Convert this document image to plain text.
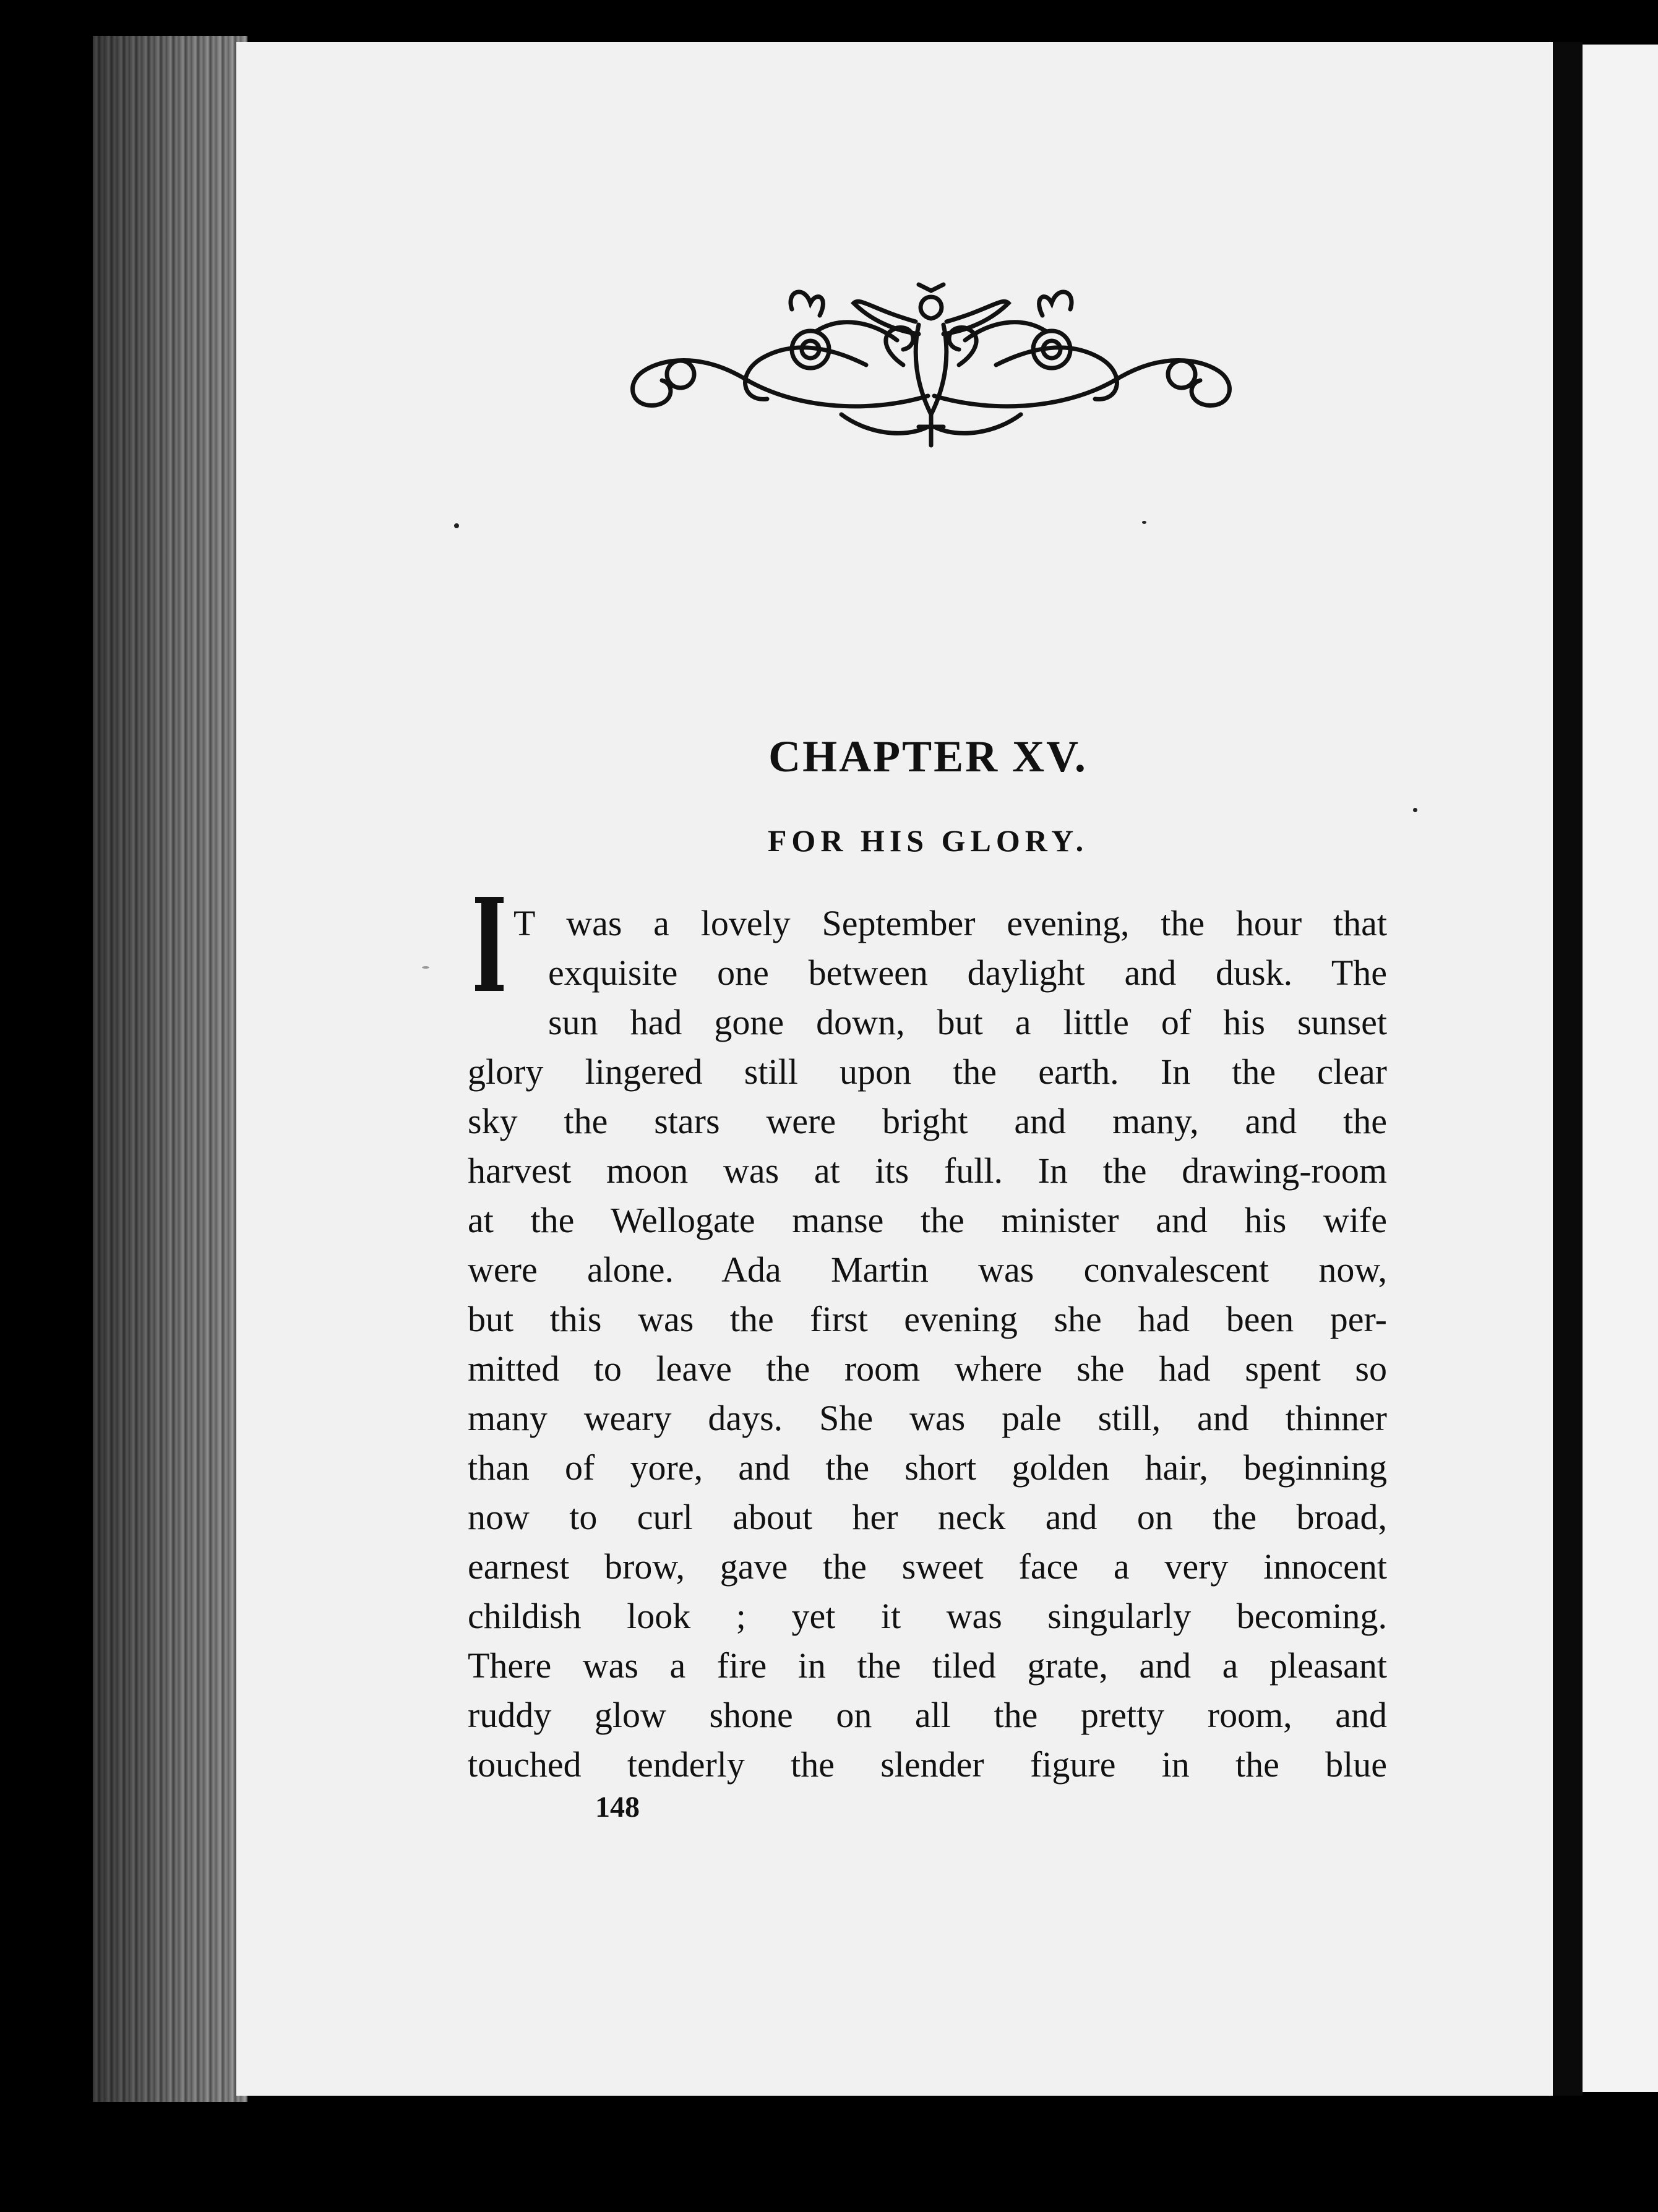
CHAPTER XV.
FOR HIS GLORY.
T was a lovely September evening, the hour that
exquisite one between daylight and dusk. The
sun had gone down, but a little of his sunset
glory lingered still upon the earth. In the clear
sky the stars were bright and many, and the
harvest moon was at its full. In the drawing-room
at the Wellogate manse the minister and his wife
were alone. Ada Martin was convalescent now,
but this was the first evening she had been per-
mitted to leave the room where she had spent so
many weary days. She was pale still, and thinner
than of yore, and the short golden hair, beginning
now to curl about her neck and on the broad,
earnest brow, gave the sweet face a very innocent
childish look ; yet it was singularly becoming.
There was a fire in the tiled grate, and a pleasant
ruddy glow shone on all the pretty room, and
touched tenderly the slender figure in the blue
148
